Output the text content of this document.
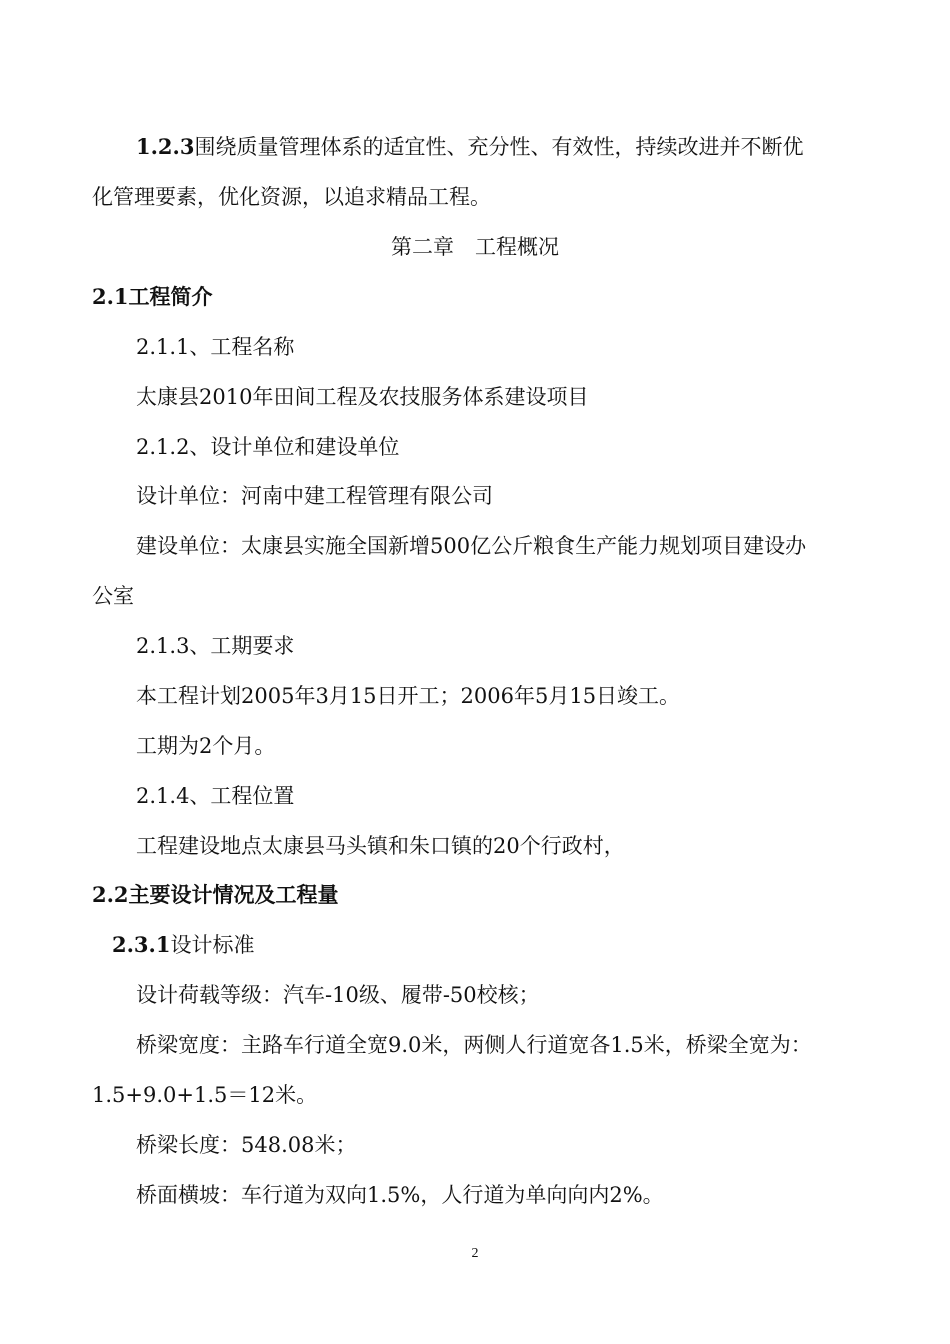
1.2.3围绕质量管理体系的适宜性、充分性、有效性，持续改进并不断优
化管理要素，优化资源，以追求精品工程。
第二章　工程概况
2.1工程简介
2.1.1、工程名称
太康县2010年田间工程及农技服务体系建设项目
2.1.2、设计单位和建设单位
设计单位：河南中建工程管理有限公司
建设单位：太康县实施全国新增500亿公斤粮食生产能力规划项目建设办
公室
2.1.3、工期要求
本工程计划2005年3月15日开工；2006年5月15日竣工。
工期为2个月。
2.1.4、工程位置
工程建设地点太康县马头镇和朱口镇的20个行政村，
2.2主要设计情况及工程量
2.3.1设计标准
设计荷载等级：汽车-10级、履带-50校核；
桥梁宽度：主路车行道全宽9.0米，两侧人行道宽各1.5米，桥梁全宽为：
1.5+9.0+1.5＝12米。
桥梁长度：548.08米；
桥面横坡：车行道为双向1.5%，人行道为单向向内2%。
2
